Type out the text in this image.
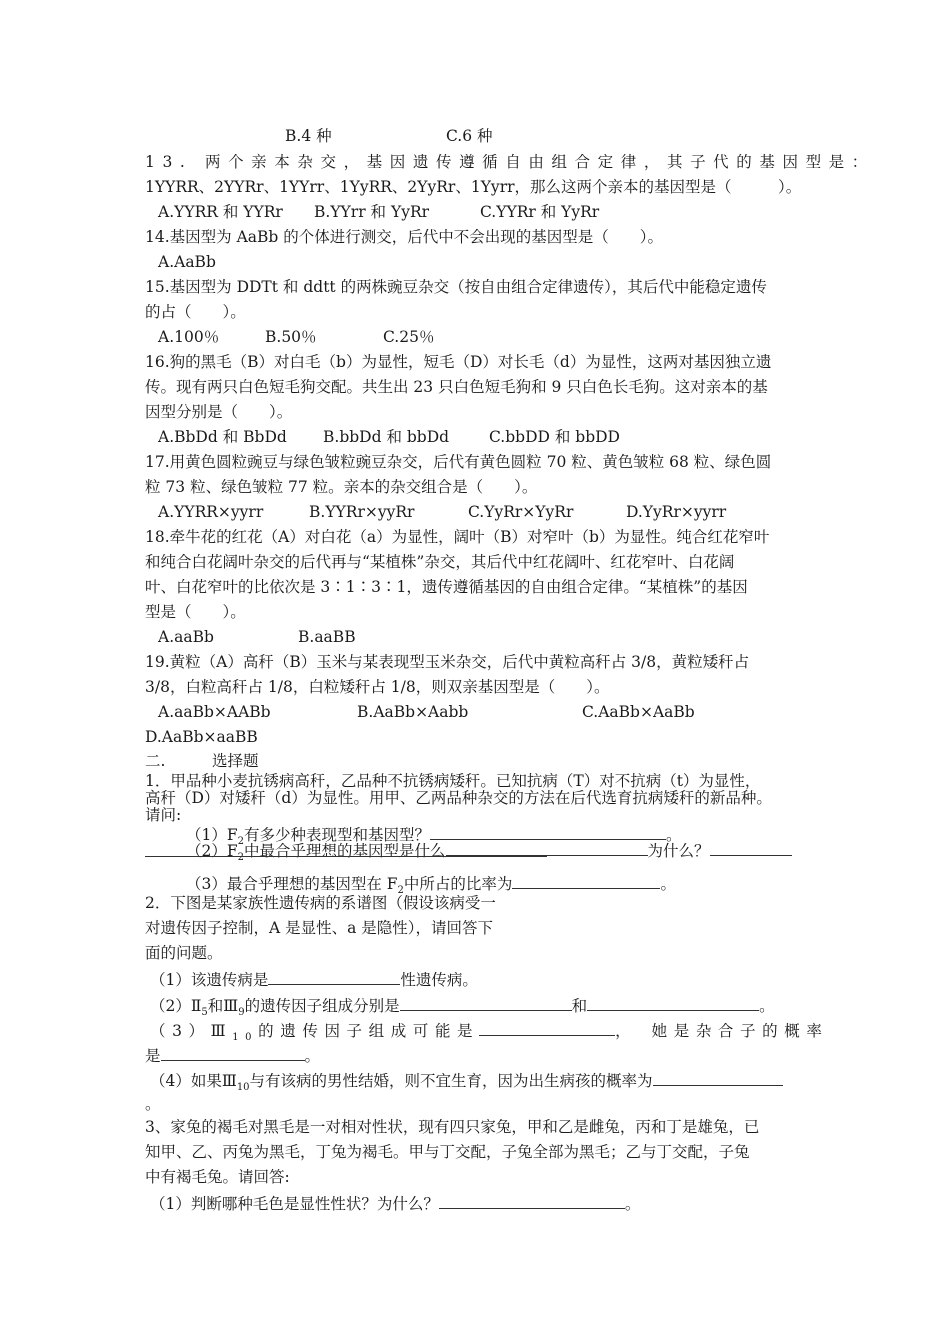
B.4 种	C.6 种
13. 两个亲本杂交，基因遗传遵循自由组合定律，其子代的基因型是：
1YYRR、2YYRr、1YYrr、1YyRR、2YyRr、1Yyrr，那么这两个亲本的基因型是（　　　）。
A.YYRR 和 YYRr B.YYrr 和 YyRr	C.YYRr 和 YyRr
14.基因型为 AaBb 的个体进行测交，后代中不会出现的基因型是（　　）。
A.AaBb
15.基因型为 DDTt 和 ddtt 的两株豌豆杂交（按自由组合定律遗传），其后代中能稳定遗传
的占（　　）。
A.100％	B.50％	C.25％
16.狗的黑毛（B）对白毛（b）为显性，短毛（D）对长毛（d）为显性，这两对基因独立遗
传。现有两只白色短毛狗交配。共生出 23 只白色短毛狗和 9 只白色长毛狗。这对亲本的基
因型分别是（　　）。
A.BbDd 和 BbDd B.bbDd 和 bbDd	C.bbDD 和 bbDD
17.用黄色圆粒豌豆与绿色皱粒豌豆杂交，后代有黄色圆粒 70 粒、黄色皱粒 68 粒、绿色圆
粒 73 粒、绿色皱粒 77 粒。亲本的杂交组合是（　　）。
A.YYRR×yyrr	B.YYRr×yyRr	C.YyRr×YyRr	D.YyRr×yyrr
18.牵牛花的红花（A）对白花（a）为显性，阔叶（B）对窄叶（b）为显性。纯合红花窄叶
和纯合白花阔叶杂交的后代再与“某植株”杂交，其后代中红花阔叶、红花窄叶、白花阔
叶、白花窄叶的比依次是 3∶1∶3∶1，遗传遵循基因的自由组合定律。“某植株”的基因
型是（　　）。
A.aaBb	B.aaBB
19.黄粒（A）高秆（B）玉米与某表现型玉米杂交，后代中黄粒高秆占 3/8，黄粒矮秆占
3/8，白粒高秆占 1/8，白粒矮秆占 1/8，则双亲基因型是（　　）。
A.aaBb×AABb	B.AaBb×Aabb	C.AaBb×AaBb
D.AaBb×aaBB
二.	选择题
1．甲品种小麦抗锈病高秆，乙品种不抗锈病矮秆。已知抗病（T）对不抗病（t）为显性，
高秆（D）对矮秆（d）为显性。用甲、乙两品种杂交的方法在后代选育抗病矮秆的新品种。
请问:
$(1)F_2$有多少种表现型和基因型？	。
$(2)F_2$中最合乎理想的基因型是什么	为什么？
（3）最合乎理想的基因型在 $F_2$中所占的比率为	。
2．下图是某家族性遗传病的系谱图（假设该病受一
对遗传因子控制，A 是显性、a 是隐性），请回答下
面的问题。
（1）该遗传病是	性遗传病。
$(2)Ⅱ_5$和$Ⅲ_9$的遗传因子组成分别是	和	。
$(3)Ⅲ_{10}$的遗传因子组成可能是	，　她是杂合子的概率
是	。
（4）如果$Ⅲ_{10}$与有该病的男性结婚，则不宜生育，因为出生病孩的概率为
。
3、家兔的褐毛对黑毛是一对相对性状，现有四只家兔，甲和乙是雌兔，丙和丁是雄兔，已
知甲、乙、丙兔为黑毛，丁兔为褐毛。甲与丁交配，子兔全部为黑毛；乙与丁交配，子兔
中有褐毛兔。请回答:
（1）判断哪种毛色是显性性状？为什么？	。
